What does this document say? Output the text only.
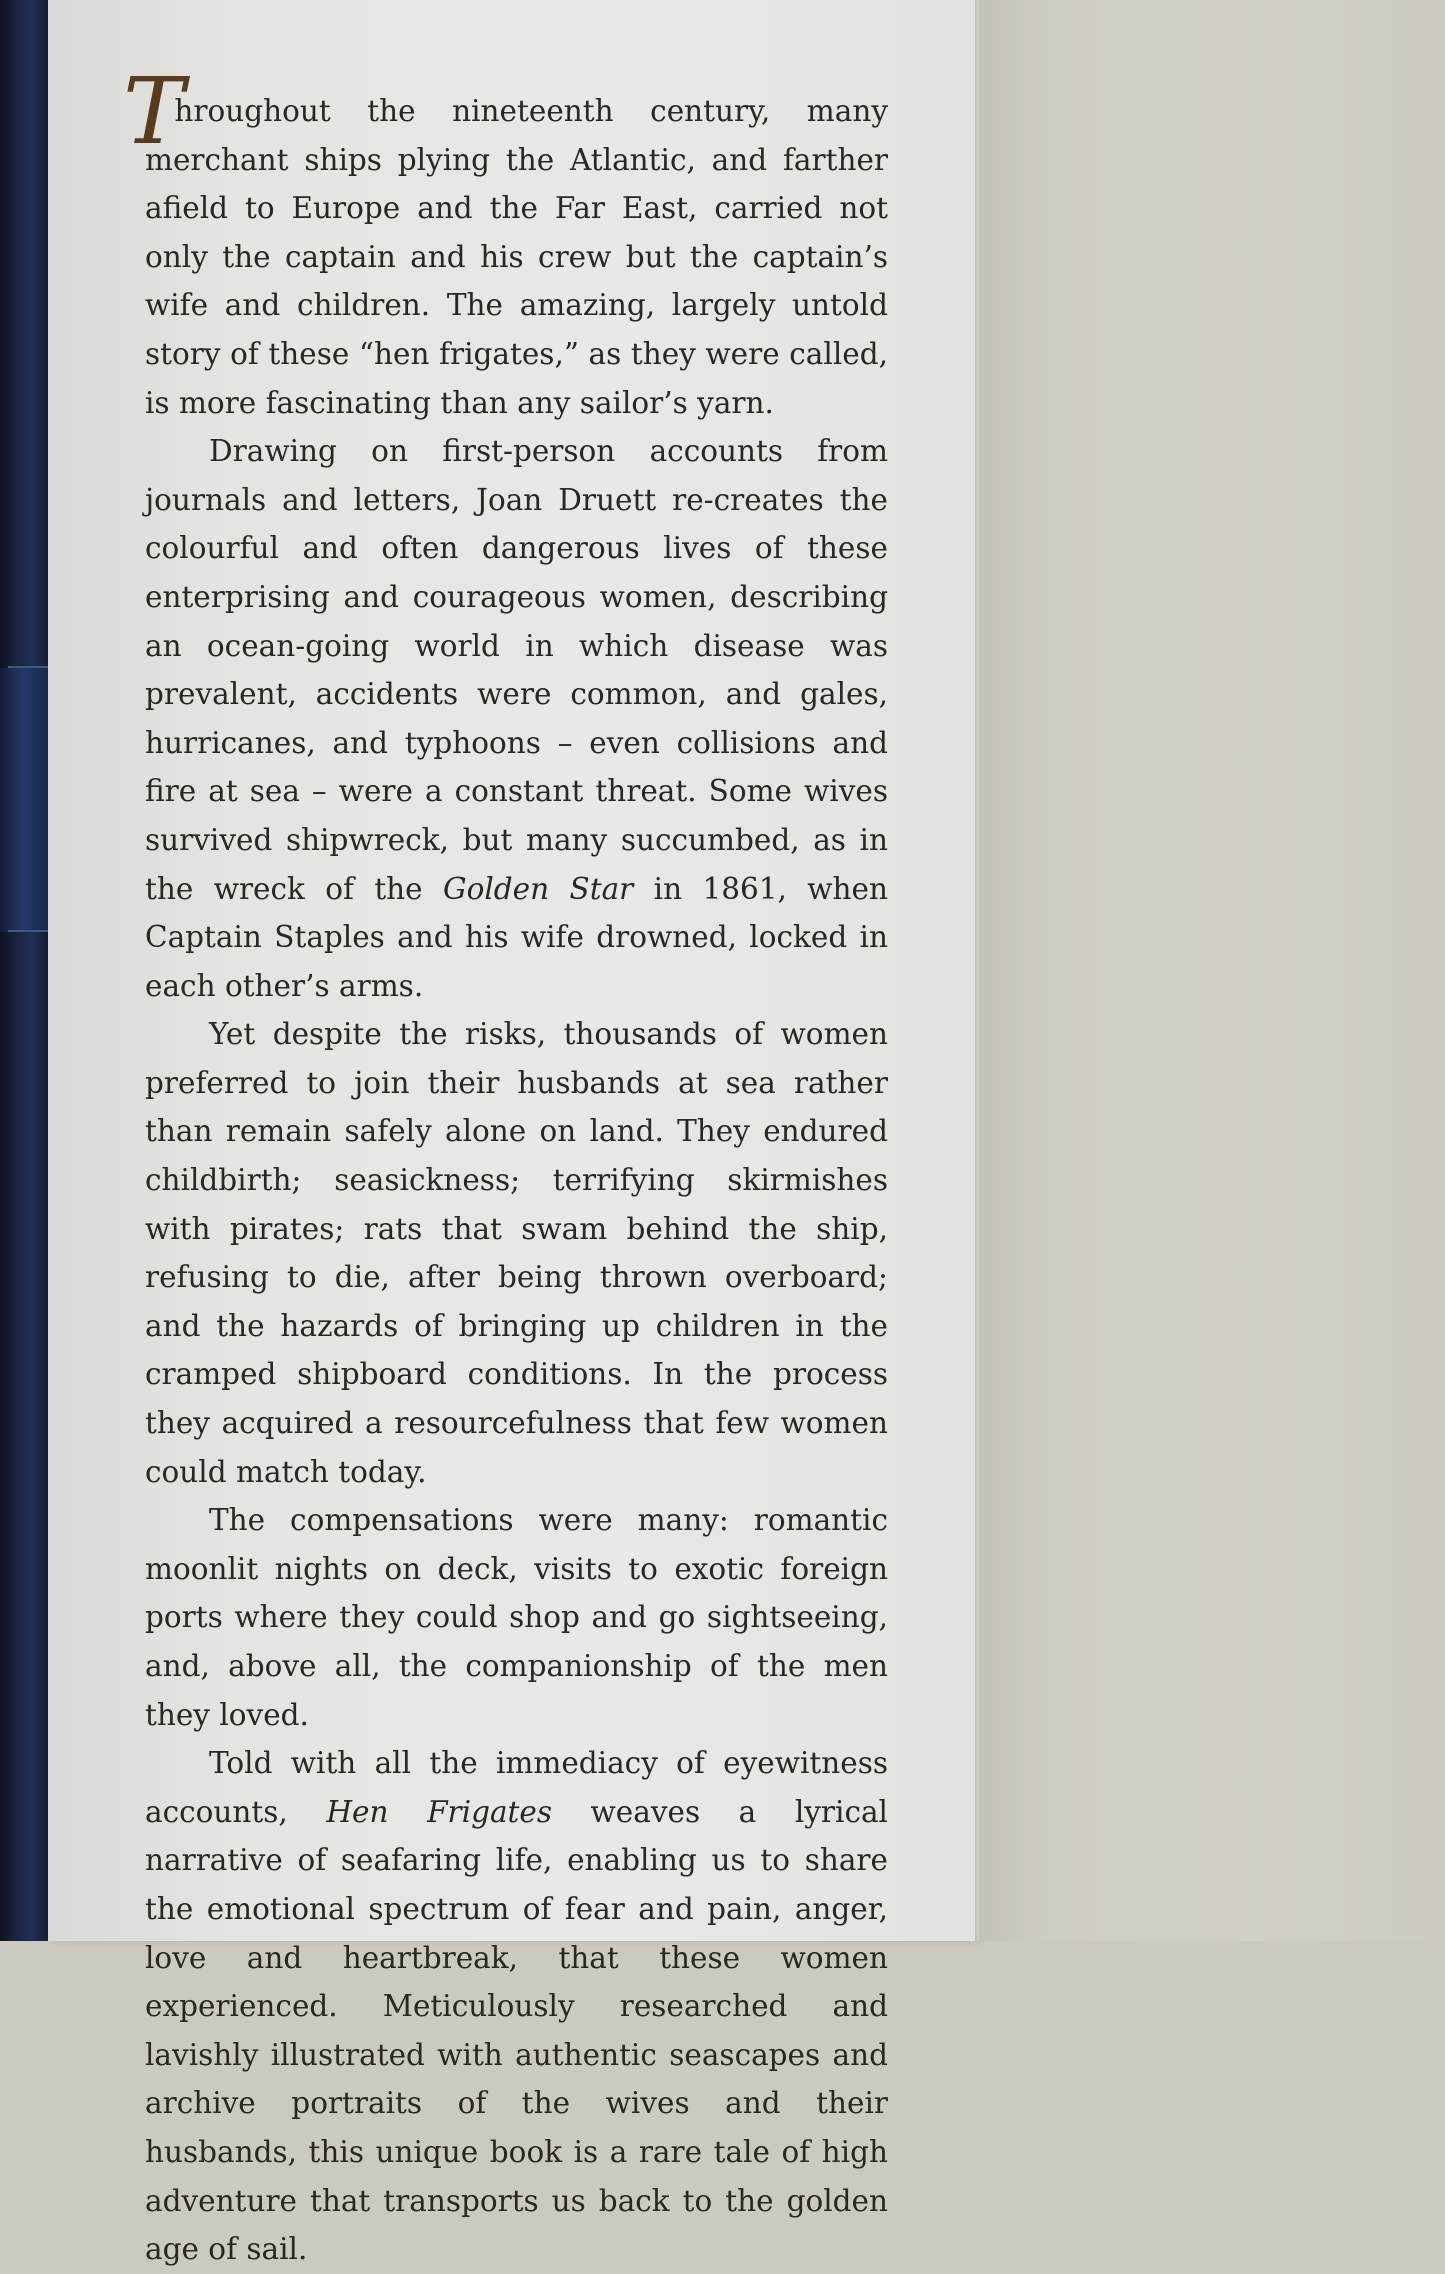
Throughout the nineteenth century, many merchant ships plying the Atlantic, and farther afield to Europe and the Far East, carried not only the captain and his crew but the captain’s wife and children. The amazing, largely untold story of these “hen frigates,” as they were called, is more fascinating than any sailor’s yarn.

Drawing on first-person accounts from journals and letters, Joan Druett re-creates the colourful and often dangerous lives of these enterprising and courageous women, describing an ocean-going world in which disease was prevalent, accidents were common, and gales, hurricanes, and typhoons – even collisions and fire at sea – were a constant threat. Some wives survived shipwreck, but many succumbed, as in the wreck of the Golden Star in 1861, when Captain Staples and his wife drowned, locked in each other’s arms.

Yet despite the risks, thousands of women preferred to join their husbands at sea rather than remain safely alone on land. They endured childbirth; seasickness; terrifying skirmishes with pirates; rats that swam behind the ship, refusing to die, after being thrown overboard; and the hazards of bringing up children in the cramped shipboard conditions. In the process they acquired a resourcefulness that few women could match today.

The compensations were many: romantic moonlit nights on deck, visits to exotic foreign ports where they could shop and go sightseeing, and, above all, the companionship of the men they loved.

Told with all the immediacy of eyewitness accounts, Hen Frigates weaves a lyrical narrative of seafaring life, enabling us to share the emotional spectrum of fear and pain, anger, love and heartbreak, that these women experienced. Meticulously researched and lavishly illustrated with authentic seascapes and archive portraits of the wives and their husbands, this unique book is a rare tale of high adventure that transports us back to the golden age of sail.
